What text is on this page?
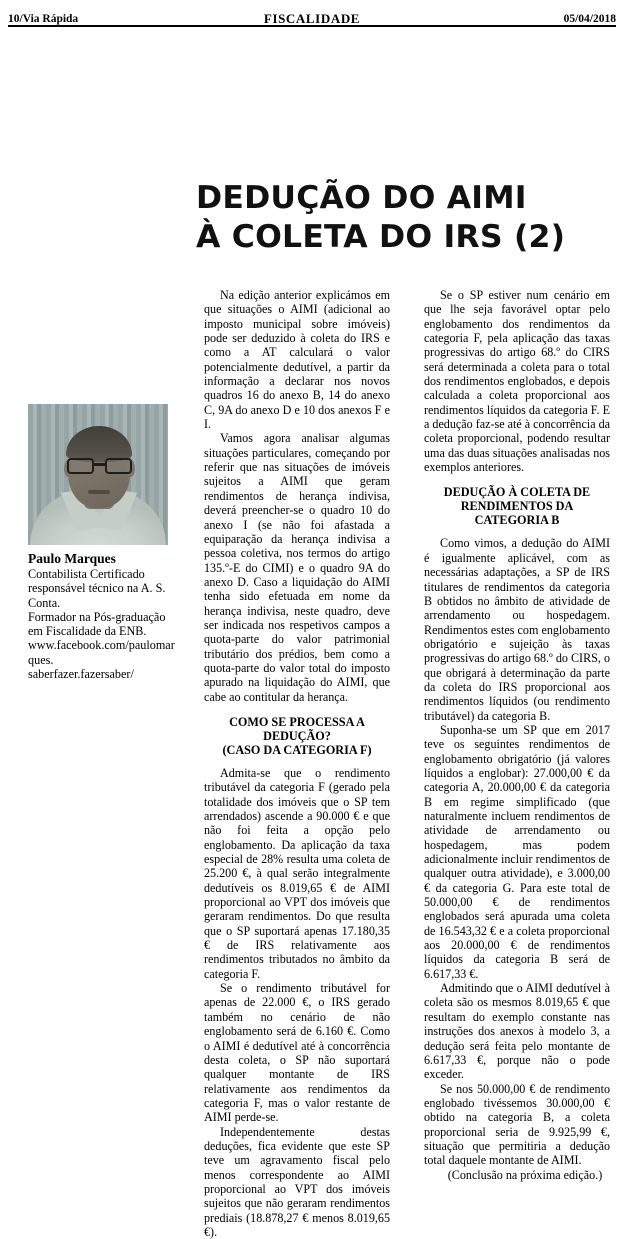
10/Via Rápida	FISCALIDADE	05/04/2018
DEDUÇÃO DO AIMI
À COLETA DO IRS (2)
Paulo Marques
Contabilista Certificado
responsável técnico na A. S. Conta.
Formador na Pós-graduação
em Fiscalidade da ENB.
www.facebook.com/paulomarques.
saberfazer.fazersaber/

Na edição anterior explicámos em que situações o AIMI (adicional ao imposto municipal sobre imóveis) pode ser deduzido à coleta do IRS e como a AT calculará o valor potencialmente dedutível, a partir da informação a declarar nos novos quadros 16 do anexo B, 14 do anexo C, 9A do anexo D e 10 dos anexos F e I.

Vamos agora analisar algumas situações particulares, começando por referir que nas situações de imóveis sujeitos a AIMI que geram rendimentos de herança indivisa, deverá preencher-se o quadro 10 do anexo I (se não foi afastada a equiparação da herança indivisa a pessoa coletiva, nos termos do artigo 135.º-E do CIMI) e o quadro 9A do anexo D. Caso a liquidação do AIMI tenha sido efetuada em nome da herança indivisa, neste quadro, deve ser indicada nos respetivos campos a quota-parte do valor patrimonial tributário dos prédios, bem como a quota-parte do valor total do imposto apurado na liquidação do AIMI, que cabe ao contitular da herança.

COMO SE PROCESSA A DEDUÇÃO?
(CASO DA CATEGORIA F)

Admita-se que o rendimento tributável da categoria F (gerado pela totalidade dos imóveis que o SP tem arrendados) ascende a 90.000 € e que não foi feita a opção pelo englobamento. Da aplicação da taxa especial de 28% resulta uma coleta de 25.200 €, à qual serão integralmente dedutíveis os 8.019,65 € de AIMI proporcional ao VPT dos imóveis que geraram rendimentos. Do que resulta que o SP suportará apenas 17.180,35 € de IRS relativamente aos rendimentos tributados no âmbito da categoria F.

Se o rendimento tributável for apenas de 22.000 €, o IRS gerado também no cenário de não englobamento será de 6.160 €. Como o AIMI é dedutível até à concorrência desta coleta, o SP não suportará qualquer montante de IRS relativamente aos rendimentos da categoria F, mas o valor restante de AIMI perde-se.

Independentemente destas deduções, fica evidente que este SP teve um agravamento fiscal pelo menos correspondente ao AIMI proporcional ao VPT dos imóveis sujeitos que não geraram rendimentos prediais (18.878,27 € menos 8.019,65 €).

Se o SP estiver num cenário em que lhe seja favorável optar pelo englobamento dos rendimentos da categoria F, pela aplicação das taxas progressivas do artigo 68.º do CIRS será determinada a coleta para o total dos rendimentos englobados, e depois calculada a coleta proporcional aos rendimentos líquidos da categoria F. E a dedução faz-se até à concorrência da coleta proporcional, podendo resultar uma das duas situações analisadas nos exemplos anteriores.

DEDUÇÃO À COLETA DE
RENDIMENTOS DA CATEGORIA B

Como vimos, a dedução do AIMI é igualmente aplicável, com as necessárias adaptações, a SP de IRS titulares de rendimentos da categoria B obtidos no âmbito de atividade de arrendamento ou hospedagem. Rendimentos estes com englobamento obrigatório e sujeição às taxas progressivas do artigo 68.º do CIRS, o que obrigará à determinação da parte da coleta do IRS proporcional aos rendimentos líquidos (ou rendimento tributável) da categoria B.

Suponha-se um SP que em 2017 teve os seguintes rendimentos de englobamento obrigatório (já valores líquidos a englobar): 27.000,00 € da categoria A, 20.000,00 € da categoria B em regime simplificado (que naturalmente incluem rendimentos de atividade de arrendamento ou hospedagem, mas podem adicionalmente incluir rendimentos de qualquer outra atividade), e 3.000,00 € da categoria G. Para este total de 50.000,00 € de rendimentos englobados será apurada uma coleta de 16.543,32 € e a coleta proporcional aos 20.000,00 € de rendimentos líquidos da categoria B será de 6.617,33 €.

Admitindo que o AIMI dedutível à coleta são os mesmos 8.019,65 € que resultam do exemplo constante nas instruções dos anexos à modelo 3, a dedução será feita pelo montante de 6.617,33 €, porque não o pode exceder.

Se nos 50.000,00 € de rendimento englobado tivéssemos 30.000,00 € obtido na categoria B, a coleta proporcional seria de 9.925,99 €, situação que permitiria a dedução total daquele montante de AIMI.

(Conclusão na próxima edição.)
